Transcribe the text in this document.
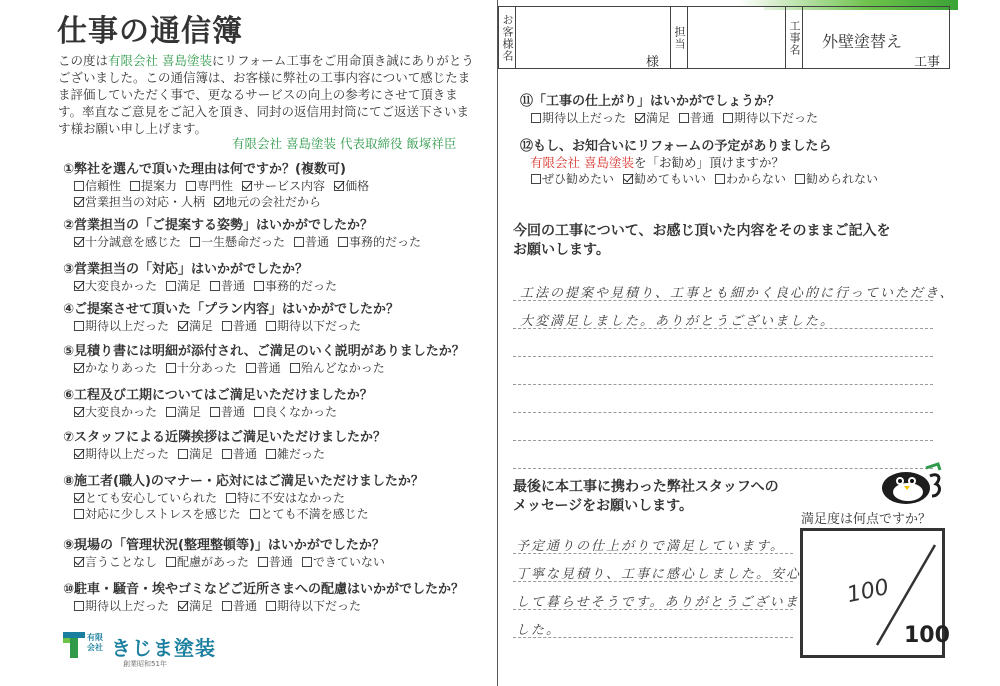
仕事の通信簿
この度は有限会社 喜島塗装にリフォーム工事をご用命頂き誠にありがとうございました。この通信簿は、お客様に弊社の工事内容について感じたまま評価していただく事で、更なるサービスの向上の参考にさせて頂きます。率直なご意見をご記入を頂き、同封の返信用封筒にてご返送下さいます様お願い申し上げます。
有限会社 喜島塗装 代表取締役 飯塚祥臣
①弊社を選んで頂いた理由は何ですか？(複数可)
信頼性 提案力 専門性 サービス内容 価格
営業担当の対応・人柄 地元の会社だから
②営業担当の「ご提案する姿勢」はいかがでしたか？
十分誠意を感じた 一生懸命だった 普通 事務的だった
③営業担当の「対応」はいかがでしたか？
大変良かった 満足 普通 事務的だった
④ご提案させて頂いた「プラン内容」はいかがでしたか？
期待以上だった 満足 普通 期待以下だった
⑤見積り書には明細が添付され、ご満足のいく説明がありましたか？
かなりあった 十分あった 普通 殆んどなかった
⑥工程及び工期についてはご満足いただけましたか？
大変良かった 満足 普通 良くなかった
⑦スタッフによる近隣挨拶はご満足いただけましたか？
期待以上だった 満足 普通 雑だった
⑧施工者(職人)のマナー・応対にはご満足いただけましたか？
とても安心していられた 特に不安はなかった
対応に少しストレスを感じた とても不満を感じた
⑨現場の「管理状況(整理整頓等)」はいかがでしたか？
言うことなし 配慮があった 普通 できていない
⑩駐車・騒音・埃やゴミなどご近所さまへの配慮はいかがでしたか？
期待以上だった 満足 普通 期待以下だった
有限
会社 きじま塗装
創業昭和51年
お客様名
様
担当	工事名 外壁塗替え
工事
⑪「工事の仕上がり」はいかがでしょうか？
期待以上だった 満足 普通 期待以下だった
⑫もし、お知合いにリフォームの予定がありましたら
有限会社 喜島塗装を「お勧め」頂けますか？
ぜひ勧めたい 勧めてもいい わからない 勧められない
今回の工事について、お感じ頂いた内容をそのままご記入を
お願いします。
工法の提案や見積り、工事とも細かく良心的に行っていただき、
大変満足しました。ありがとうございました。
最後に本工事に携わった弊社スタッフへの
メッセージをお願いします。
予定通りの仕上がりで満足しています。
丁寧な見積り、工事に感心しました。安心
して暮らせそうです。ありがとうございま
した。
満足度は何点ですか？
100
100
